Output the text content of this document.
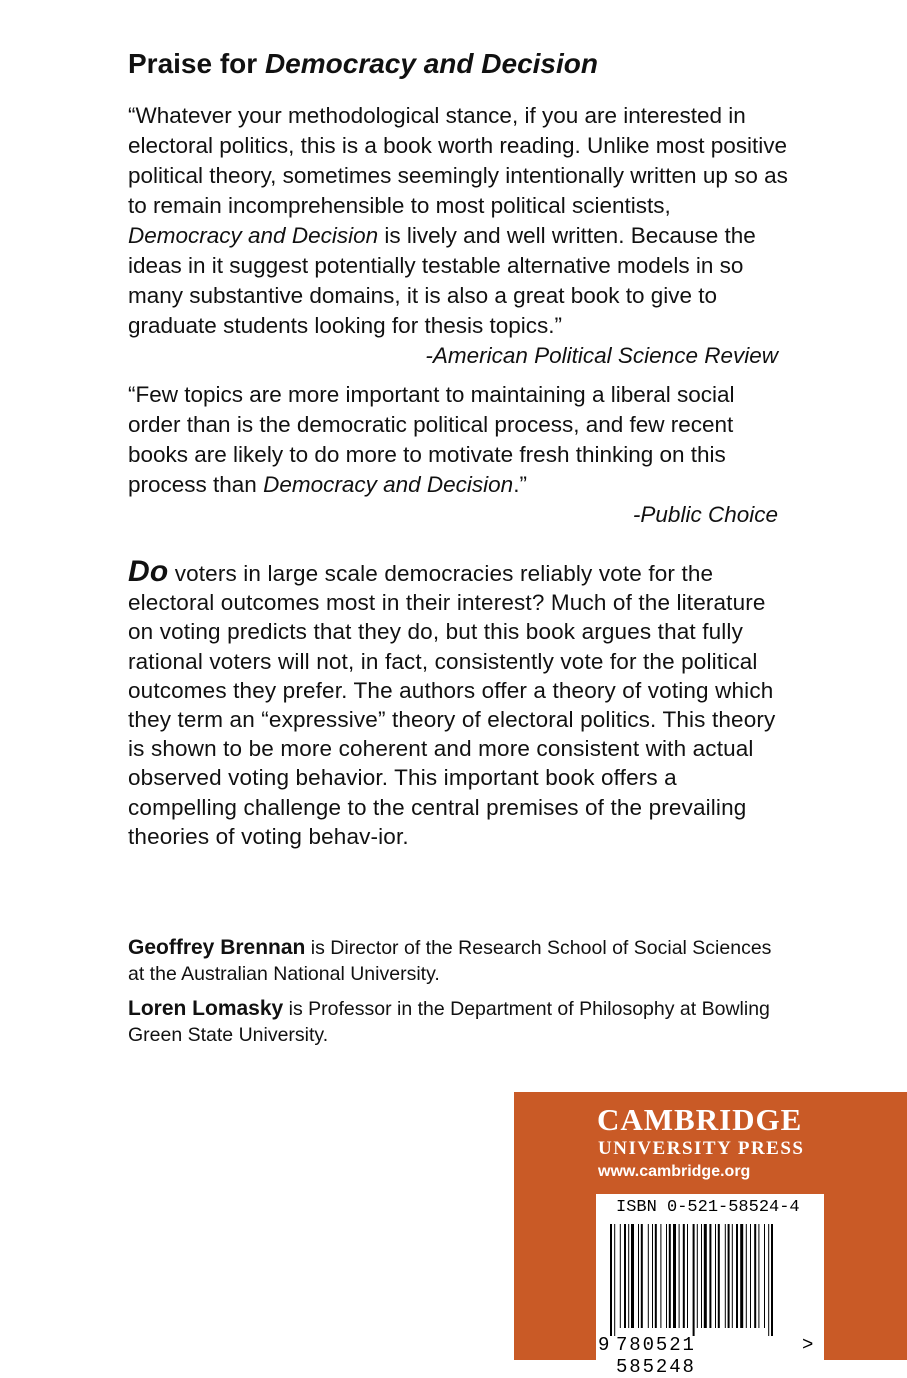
Praise for Democracy and Decision

“Whatever your methodological stance, if you are interested in electoral politics, this is a book worth reading. Unlike most positive political theory, sometimes seemingly intentionally written up so as to remain incomprehensible to most political scientists, Democracy and Decision is lively and well written. Because the ideas in it suggest potentially testable alternative models in so many substantive domains, it is also a great book to give to graduate students looking for thesis topics.”
-American Political Science Review

“Few topics are more important to maintaining a liberal social order than is the democratic political process, and few recent books are likely to do more to motivate fresh thinking on this process than Democracy and Decision.”
-Public Choice

Do voters in large scale democracies reliably vote for the electoral outcomes most in their interest? Much of the literature on voting predicts that they do, but this book argues that fully rational voters will not, in fact, consistently vote for the political outcomes they prefer. The authors offer a theory of voting which they term an “expressive” theory of electoral politics. This theory is shown to be more coherent and more consistent with actual observed voting behavior. This important book offers a compelling challenge to the central premises of the prevailing theories of voting behav-ior.

Geoffrey Brennan is Director of the Research School of Social Sciences at the Australian National University.

Loren Lomasky is Professor in the Department of Philosophy at Bowling Green State University.

CAMBRIDGE

UNIVERSITY PRESS

www.cambridge.org

ISBN 0-521-58524-4

9 780521 585248
>
